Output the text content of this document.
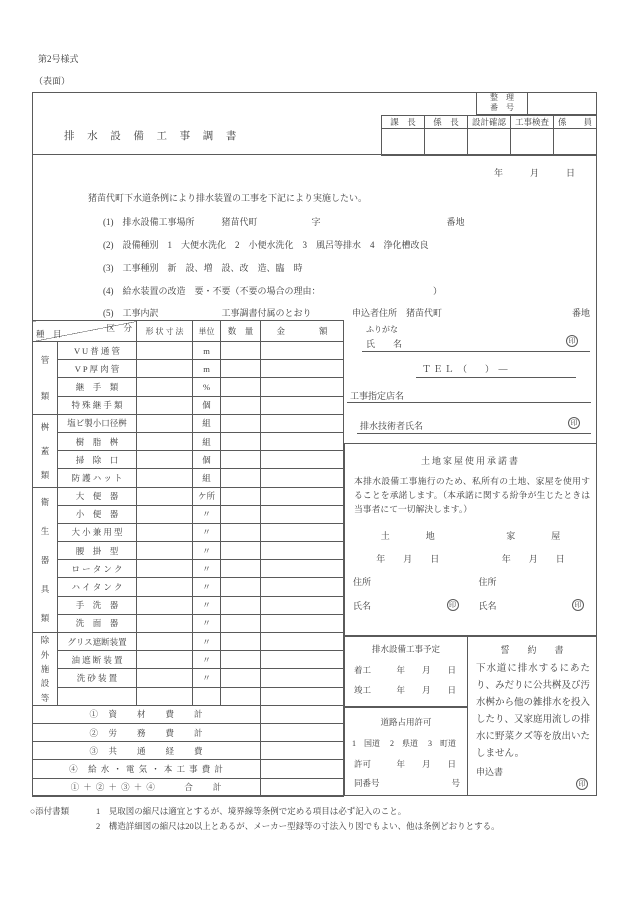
第2号様式
（表面）
排 水 設 備 工 事 調 書
整　理
番　号
課　長	係　長	設計確認	工事検査	係　　員

年　　　月　　　日
猪苗代町下水道条例により排水装置の工事を下記により実施したい。
(1)　排水設備工事場所　　　猪苗代町　　　　　　字　　　　　　　　　　　　　　番地
(2)　設備種別　1　大便水洗化　2　小便水洗化　3　風呂等排水　4　浄化槽改良
(3)　工事種別　新　設、増　設、改　造、臨　時
(4)　給水装置の改造　要・不要（不要の場合の理由：　　　　　　　　　　　　　）
(5)　工事内訳　　　　　　　工事調書付属のとおり
区　分
種　目		形 状 寸 法	単位	数　量	金　　　　額

管
類	V U 普 通 管		m		
	V P 厚 肉 管		m		
	継　手　類		%		
	特 殊 継 手 類		個		

桝
蓋
類	塩ビ製小口径桝		組		
	樹　脂　桝		組		
	掃　除　口		個		
	防 護 ハ ッ ト		組		

衛
生
器
具
類	大　便　器		ケ所		
	小　便　器		〃		
	大 小 兼 用 型		〃		
	腰　掛　型		〃		
	ロ ー タ ン ク		〃		
	ハ イ タ ン ク		〃		
	手　洗　器		〃		
	洗　面　器		〃		

除
外
施
設
等	グリス遮断装置		〃		
	油 遮 断 装 置		〃		
	洗 砂 装 置		〃		

①　資　　材　　費　　計					
②　労　　務　　費　　計					
③　共　　通　　経　　費					
④　給 水 ・ 電 気 ・ 本 工 事 費 計					
① ＋ ② ＋ ③ ＋ ④　　　合　　計					
申込者住所　猪苗代町	番地
ふりがな
氏　　名	印
Ｔ Ｅ Ｌ　（　　）　―
工事指定店名
排水技術者氏名	印
土地家屋使用承諾書
本排水設備工事施行のため、私所有の土地、家屋を使用することを承諾します。（本承諾に関する紛争が生じたときは当事者にて一切解決します。）
土　　　　地	家　　　　屋
年　　月　　日	年　　月　　日
住所	住所
氏名	印	氏名	印
排水設備工事予定
着工　　　年　　月　　日
竣工　　　年　　月　　日
道路占用許可
1　国道　 2　県道　 3　町道
許可　　　年　　月　　日
同番号	号
誓　　約　　書
下水道に排水するにあたり、みだりに公共桝及び汚水桝から他の雑排水を投入したり、又家庭用流しの排水に野菜クズ等を放出いたしません。
申込書
印
○添付書類	1　見取図の縮尺は適宜とするが、境界線等条例で定める項目は必ず記入のこと。
2　構造詳細図の縮尺は20以上とあるが、メーカー型録等の寸法入り図でもよい、他は条例どおりとする。
